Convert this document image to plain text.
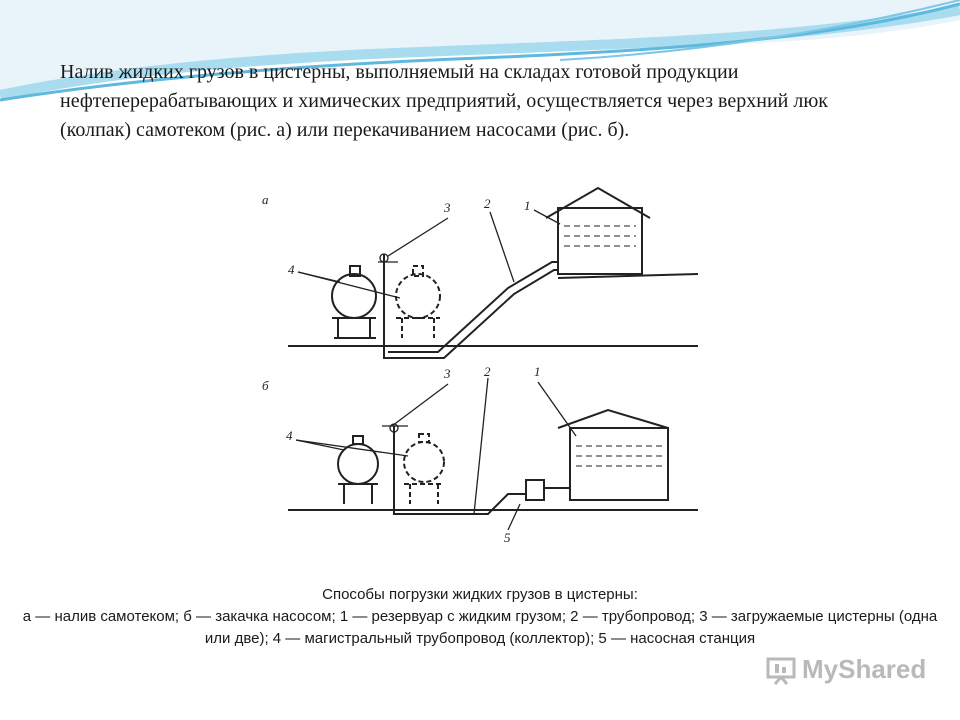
Налив жидких грузов в цистерны, выполняемый на складах готовой продукции нефтеперерабатывающих и химических предприятий, осуществляется через верхний люк (колпак) самотеком (рис. а) или перекачиванием насосами (рис. б).

а
б
3	2	1
4
3	2	1
4
5
Способы погрузки жидких грузов в цистерны:
а — налив самотеком; б — закачка насосом; 1 — резервуар с жидким грузом; 2 — трубопровод; 3 — загружаемые цистерны (одна или две); 4 — магистральный трубопровод (коллектор); 5 — насосная станция
MyShared
